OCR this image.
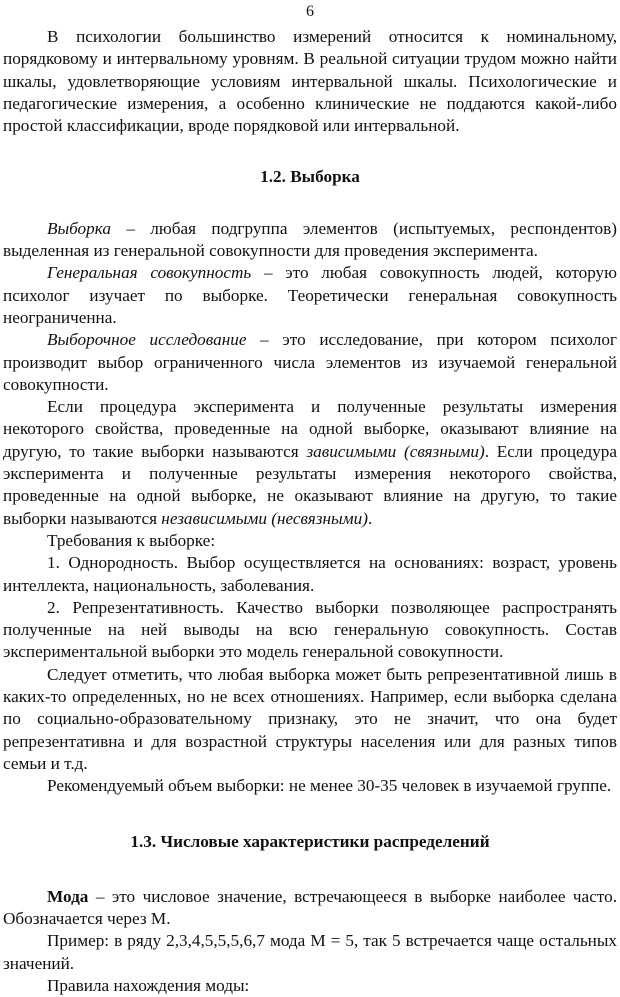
6

В психологии большинство измерений относится к номинальному, порядковому и интервальному уровням. В реальной ситуации трудом можно найти шкалы, удовлетворяющие условиям интервальной шкалы. Психологические и педагогические измерения, а особенно клинические не поддаются какой-либо простой классификации, вроде порядковой или интервальной.

1.2. Выборка

Выборка – любая подгруппа элементов (испытуемых, респондентов) выделенная из генеральной совокупности для проведения эксперимента.

Генеральная совокупность – это любая совокупность людей, которую психолог изучает по выборке. Теоретически генеральная совокупность неограниченна.

Выборочное исследование – это исследование, при котором психолог производит выбор ограниченного числа элементов из изучаемой генеральной совокупности.

Если процедура эксперимента и полученные результаты измерения некоторого свойства, проведенные на одной выборке, оказывают влияние на другую, то такие выборки называются зависимыми (связными). Если процедура эксперимента и полученные результаты измерения некоторого свойства, проведенные на одной выборке, не оказывают влияние на другую, то такие выборки называются независимыми (несвязными).

Требования к выборке:

1. Однородность. Выбор осуществляется на основаниях: возраст, уровень интеллекта, национальность, заболевания.

2. Репрезентативность. Качество выборки позволяющее распространять полученные на ней выводы на всю генеральную совокупность. Состав экспериментальной выборки это модель генеральной совокупности.

Следует отметить, что любая выборка может быть репрезентативной лишь в каких-то определенных, но не всех отношениях. Например, если выборка сделана по социально-образовательному признаку, это не значит, что она будет репрезентативна и для возрастной структуры населения или для разных типов семьи и т.д.

Рекомендуемый объем выборки: не менее 30-35 человек в изучаемой группе.

1.3. Числовые характеристики распределений

Мода – это числовое значение, встречающееся в выборке наиболее часто. Обозначается через М.

Пример: в ряду 2,3,4,5,5,5,6,7 мода М = 5, так 5 встречается чаще остальных значений.

Правила нахождения моды:
